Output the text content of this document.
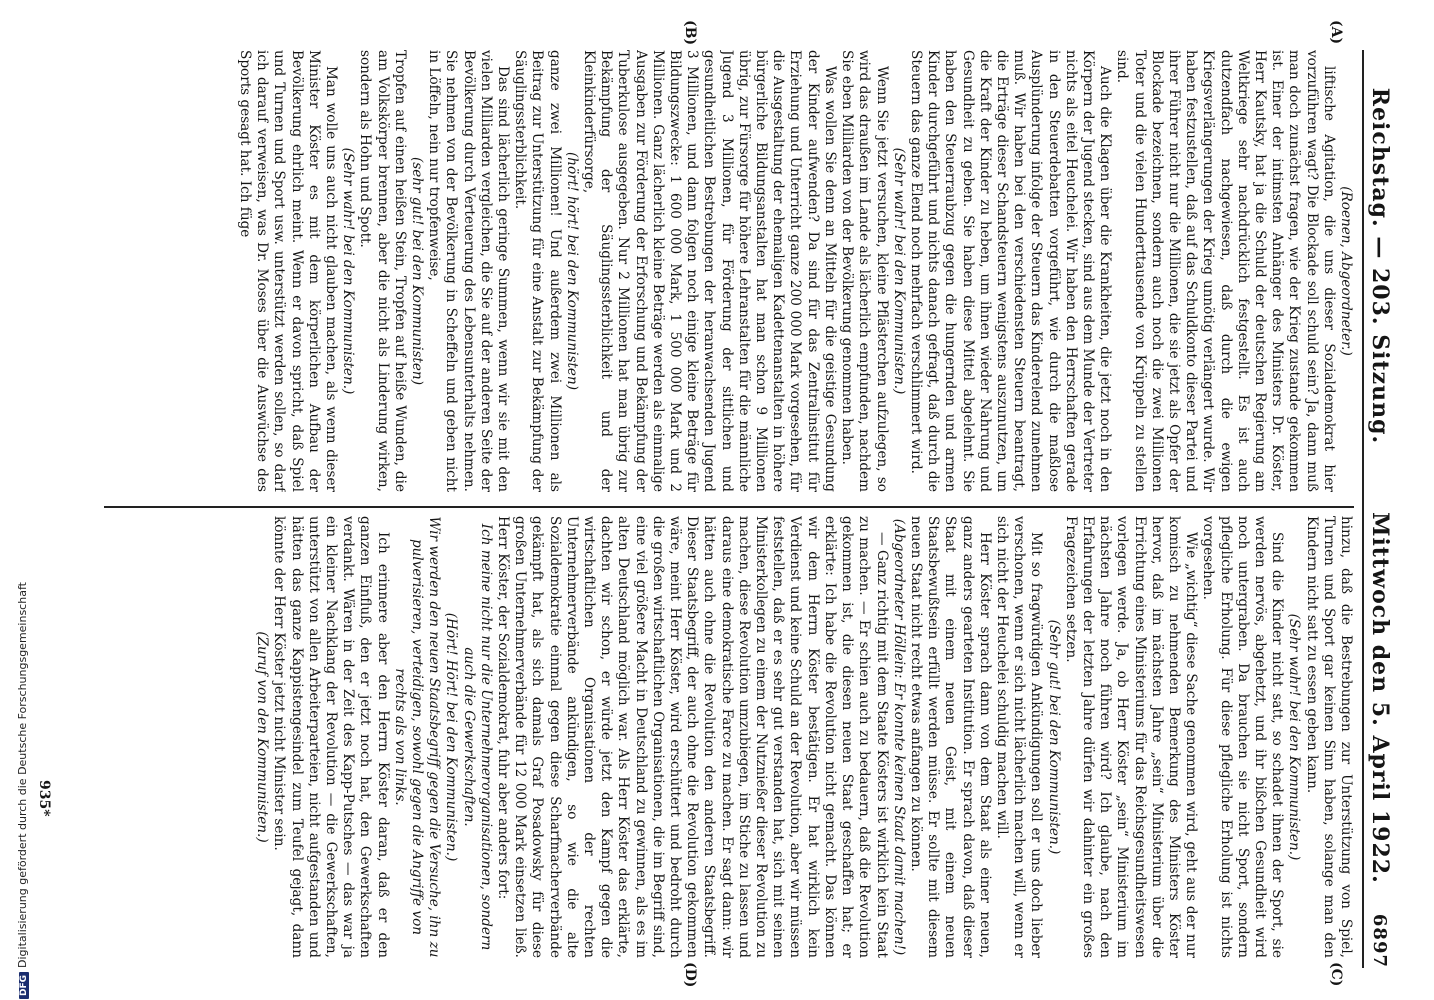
DFGDigitalisierung gefördert durch die Deutsche Forschungsgemeinschaft
Reichstag. — 203. Sitzung.
Mittwoch den 5. April 1922.
6897
(A)
(B)
(C)
(D)

(Roenen, Abgeordneter.)

liftische Agitation, die uns dieser Sozialdemokrat hier vorzuführen wagt? Die Blockade soll schuld sein? Ja, dann muß man doch zunächst fragen, wie der Krieg zustande gekommen ist. Einer der intimsten Anhänger des Ministers Dr. Köster, Herr Kautsky, hat ja die Schuld der deutschen Regierung am Weltkriege sehr nachdrücklich festgestellt. Es ist auch dutzendfach nachgewiesen, daß durch die ewigen Kriegsverlängerungen der Krieg unnötig verlängert wurde. Wir haben festzustellen, daß auf das Schuldkonto dieser Partei und ihrer Führer nicht nur die Millionen, die sie jetzt als Opfer der Blockade bezeichnen, sondern auch noch die zwei Millionen Toter und die vielen Hunderttausende von Krüppeln zu stellen sind.

Auch die Klagen über die Krankheiten, die jetzt noch in den Körpern der Jugend stecken, sind aus dem Munde der Vertreter nichts als eitel Heuchelei. Wir haben den Herrschaften gerade in den Steuerdebatten vorgeführt, wie durch die maßlose Ausplünderung infolge der Steuern das Kinderelend zunehmen muß. Wir haben bei den verschiedensten Steuern beantragt, die Erträge dieser Schandsteuern wenigstens auszunutzen, um die Kraft der Kinder zu heben, um ihnen wieder Nahrung und Gesundheit zu geben. Sie haben diese Mittel abgelehnt. Sie haben den Steuerraubzug gegen die hungernden und armen Kinder durchgeführt und nichts danach gefragt, daß durch die Steuern das ganze Elend noch mehrfach verschlimmert wird.

(Sehr wahr! bei den Kommunisten.)

Wenn Sie jetzt versuchen, kleine Pflästerchen aufzulegen, so wird das draußen im Lande als lächerlich empfunden, nachdem Sie eben Milliarden von der Bevölkerung genommen haben.

Was wollen Sie denn an Mitteln für die geistige Gesundung der Kinder aufwenden? Da sind für das Zentralinstitut für Erziehung und Unterricht ganze 200 000 Mark vorgesehen, für die Ausgestaltung der ehemaligen Kadettenanstalten in höhere bürgerliche Bildungsanstalten hat man schon 9 Millionen übrig, zur Fürsorge für höhere Lehranstalten für die männliche Jugend 3 Millionen, für Förderung der sittlichen und gesundheitlichen Bestrebungen der heranwachsenden Jugend 3 Millionen, und dann folgen noch einige kleine Beträge für Bildungszwecke: 1 600 000 Mark, 1 500 000 Mark und 2 Millionen. Ganz lächerlich kleine Beträge werden als einmalige Ausgaben zur Förderung der Erforschung und Bekämpfung der Tuberkulose ausgegeben. Nur 2 Millionen hat man übrig zur Bekämpfung der Säuglingssterblichkeit und der Kleinkinderfürsorge,

(hört! hört! bei den Kommunisten)

ganze zwei Millionen! Und außerdem zwei Millionen als Beitrag zur Unterstützung für eine Anstalt zur Bekämpfung der Säuglingssterblichkeit.

Das sind lächerlich geringe Summen, wenn wir sie mit den vielen Milliarden vergleichen, die Sie auf der anderen Seite der Bevölkerung durch Verteuerung des Lebensunterhalts nehmen. Sie nehmen von der Bevölkerung in Scheffeln und geben nicht in Löffeln, nein nur tropfenweise,

(sehr gut! bei den Kommunisten)

Tropfen auf einen heißen Stein, Tropfen auf heiße Wunden, die am Volkskörper brennen, aber die nicht als Linderung wirken, sondern als Hohn und Spott.

(Sehr wahr! bei den Kommunisten.)

Man wolle uns auch nicht glauben machen, als wenn dieser Minister Köster es mit dem körperlichen Aufbau der Bevölkerung ehrlich meint. Wenn er davon spricht, daß Spiel und Turnen und Sport usw. unterstützt werden sollen, so darf ich darauf verweisen, was Dr. Moses über die Auswüchse des Sports gesagt hat. Ich füge

hinzu, daß die Bestrebungen zur Unterstützung von Spiel, Turnen und Sport gar keinen Sinn haben, solange man den Kindern nicht satt zu essen geben kann.

(Sehr wahr! bei den Kommunisten.)

Sind die Kinder nicht satt, so schadet ihnen der Sport, sie werden nervös, abgehetzt, und ihr bißchen Gesundheit wird noch untergraben. Da brauchen sie nicht Sport, sondern pflegliche Erholung. Für diese pflegliche Erholung ist nichts vorgesehen.

Wie „wichtig“ diese Sache genommen wird, geht aus der nur komisch zu nehmenden Bemerkung des Ministers Köster hervor, daß im nächsten Jahre „sein“ Ministerium über die Errichtung eines Ministeriums für das Reichsgesundheitswesen vorlegen werde. Ja, ob Herr Köster „sein“ Ministerium im nächsten Jahre noch führen wird? Ich glaube, nach den Erfahrungen der letzten Jahre dürfen wir dahinter ein großes Fragezeichen setzen.

(Sehr gut! bei den Kommunisten.)

Mit so fragwürdigen Ankündigungen soll er uns doch lieber verschonen, wenn er sich nicht lächerlich machen will, wenn er sich nicht der Heuchelei schuldig machen will.

Herr Köster sprach dann von dem Staat als einer neuen, ganz anders gearteten Institution. Er sprach davon, daß dieser Staat mit einem neuen Geist, mit einem neuen Staatsbewußtsein erfüllt werden müsse. Er sollte mit diesem neuen Staat nicht recht etwas anfangen zu können.

(Abgeordneter Höllein: Er konnte keinen Staat damit machen!)

— Ganz richtig mit dem Staate Kösters ist wirklich kein Staat zu machen. — Er schien auch zu bedauern, daß die Revolution gekommen ist, die diesen neuen Staat geschaffen hat; er erklärte: Ich habe die Revolution nicht gemacht. Das können wir dem Herrn Köster bestätigen. Er hat wirklich kein Verdienst und keine Schuld an der Revolution, aber wir müssen feststellen, daß er es sehr gut verstanden hat, sich mit seinen Ministerkollegen zu einem der Nutznießer dieser Revolution zu machen, diese Revolution umzubiegen, im Stiche zu lassen und daraus eine demokratische Farce zu machen. Er sagt dann: wir hätten auch ohne die Revolution den anderen Staatsbegriff. Dieser Staatsbegriff, der auch ohne die Revolution gekommen wäre, meint Herr Köster, wird erschüttert und bedroht durch die großen wirtschaftlichen Organisationen, die im Begriff sind, eine viel größere Macht in Deutschland zu gewinnen, als es im alten Deutschland möglich war. Als Herr Köster das erklärte, dachten wir schon, er würde jetzt den Kampf gegen die wirtschaftlichen Organisationen der rechten Unternehmerverbände ankündigen, so wie die alte Sozialdemokratie einmal gegen diese Scharfmacherverbände gekämpft hat, als sich damals Graf Posadowsky für diese großen Unternehmerverbände für 12 000 Mark einsetzen ließ. Herr Köster, der Sozialdemokrat, fuhr aber anders fort:

Ich meine nicht nur die Unternehmerorganisationen, sondern auch die Gewerkschaften.

(Hört! Hört! bei den Kommunisten.)

Wir werden den neuen Staatsbegriff gegen die Versuche, ihn zu pulverisieren, verteidigen, sowohl gegen die Angriffe von rechts als von links.

Ich erinnere aber den Herrn Köster daran, daß er den ganzen Einfluß, den er jetzt noch hat, den Gewerkschaften verdankt. Wären in der Zeit des Kapp-Putsches — das war ja ein kleiner Nachklang der Revolution — die Gewerkschaften, unterstützt von allen Arbeiterparteien, nicht aufgestanden und hätten das ganze Kappistengesindel zum Teufel gejagt, dann könnte der Herr Köster jetzt nicht Minister sein.

(Zuruf von den Kommunisten.)

935*
